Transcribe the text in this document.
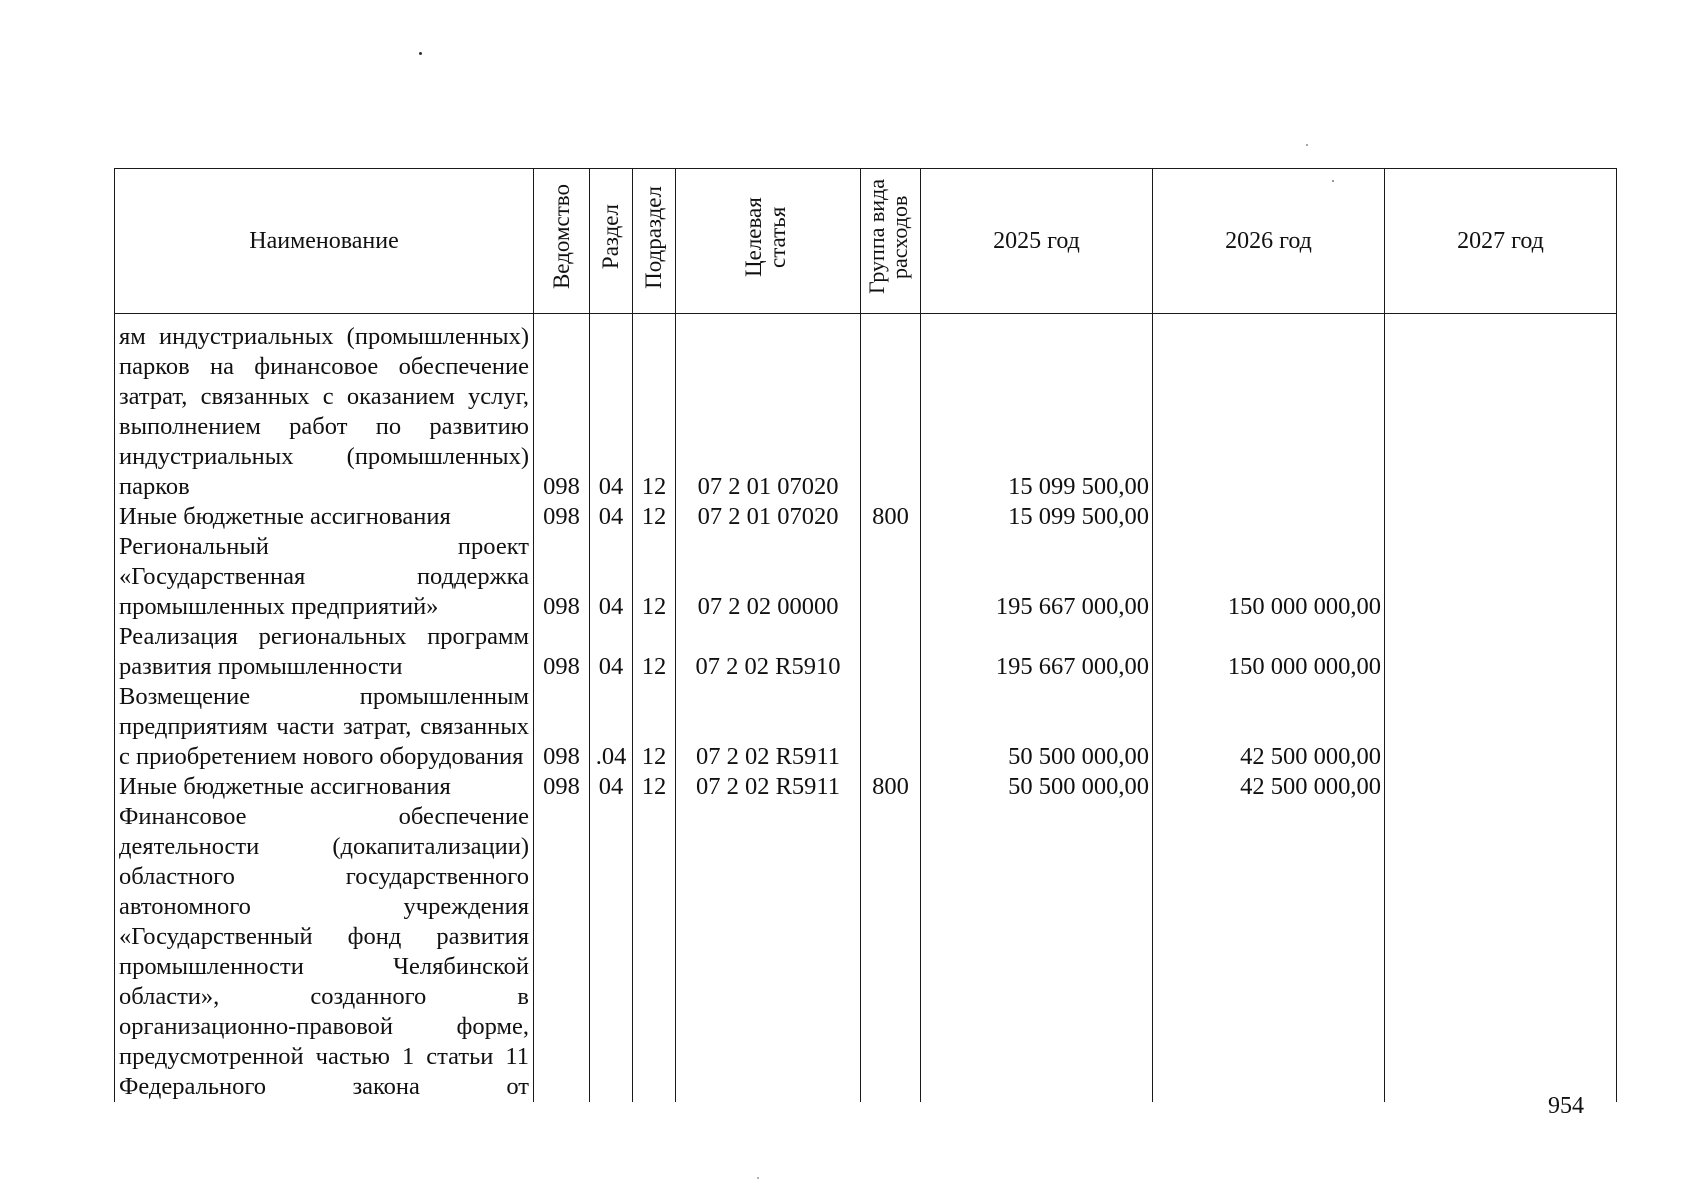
Наименование	Ведомство	Раздел	Подраздел	Целевая статья	Группа вида расходов	2025 год	2026 год	2027 год

ям индустриальных (промышленных) парков на финансовое обеспечение затрат, связанных с оказанием услуг, выполнением работ по развитию индустриальных (промышленных) парков	098	04	12	07 2 01 07020		15 099 500,00		
Иные бюджетные ассигнования	098	04	12	07 2 01 07020	800	15 099 500,00		
Региональный проект «Государственная поддержка промышленных предприятий»	098	04	12	07 2 02 00000		195 667 000,00	150 000 000,00	
Реализация региональных программ развития промышленности	098	04	12	07 2 02 R5910		195 667 000,00	150 000 000,00	
Возмещение промышленным предприятиям части затрат, связанных с приобретением нового оборудования	098	.04	12	07 2 02 R5911		50 500 000,00	42 500 000,00	
Иные бюджетные ассигнования	098	04	12	07 2 02 R5911	800	50 500 000,00	42 500 000,00	
Финансовое обеспечение деятельности (докапитализации) областного государственного автономного учреждения «Государственный фонд развития промышленности Челябинской области», созданного в организационно-правовой форме, предусмотренной частью 1 статьи 11 Федерального закона от								
954
